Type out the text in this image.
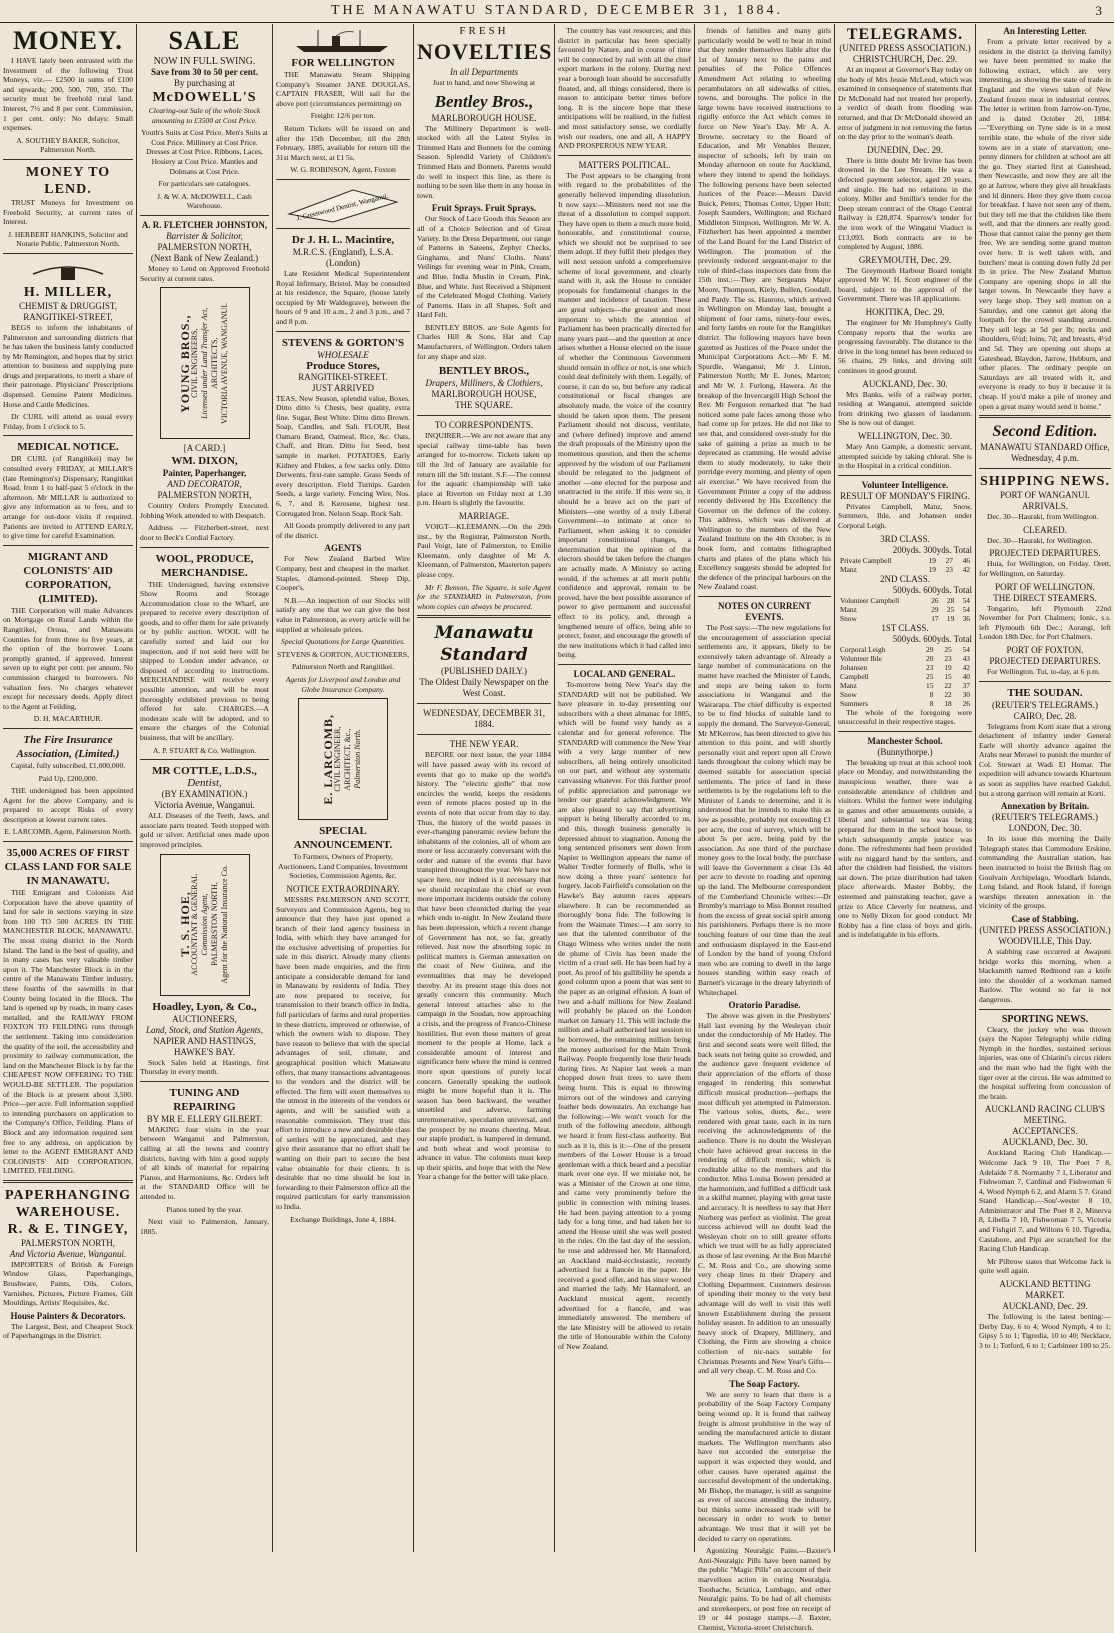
THE MANAWATU STANDARD, DECEMBER 31, 1884.	3
MONEY.

I HAVE lately been entrusted with the Investment of the following Trust Moneys, viz.— £2500 in sums of £100 and upwards; 200, 500, 700, 350. The security must be freehold rural land, Interest, 7½ and 8 per cent. Commission, 1 per cent. only: No delays: Small expenses.

A. SOUTHEY BAKER, Solicitor, Palmerston North.

MONEY TO LEND.

TRUST Moneys for Investment on Freehold Security, at current rates of Interest.

J. HERBERT HANKINS, Solicitor and Notarie Public, Palmerston North.

H. MILLER,
CHEMIST & DRUGGIST,
RANGITIKEI-STREET,

BEGS to inform the inhabitants of Palmerston and surrounding districts that he has taken the business lately conducted by Mr Remington, and hopes that by strict attention to business and supplying pure drugs and preparations, to merit a share of their patronage. Physicians' Prescriptions dispensed. Genuine Patent Medicines. Horse and Cattle Medicines.

Dr CURL will attend as usual every Friday, from 1 o'clock to 5.

MEDICAL NOTICE.

DR CURL (of Rangitikei) may be consulted every FRIDAY, at MILLAR'S (late Remington's) Dispensary, Rangitikei Road, from 1 to half-past 5 o'clock in the afternoon. Mr MILLAR is authorized to give any information as to fees, and to arrange for out-door visits if required. Patients are invited to ATTEND EARLY, to give time for careful Examination.

MIGRANT AND COLONISTS' AID CORPORATION, (LIMITED).

THE Corporation will make Advances on Mortgage on Rural Lands within the Rangitikei, Oroua, and Manawatu Counties for from three to five years, at the option of the borrower. Loans promptly granted, if approved. Interest seven up to eight per cent. per annum. No commission charged to borrowers. No valuation fees. No charges whatever except for necessary deeds. Apply direct to the Agent at Feilding,

D. H. MACARTHUR.

The Fire Insurance Association, (Limited.)

Capital, fully subscribed, £1,000,000.

Paid Up, £200,000.

THE undersigned has been appointed Agent for the above Company, and is prepared to accept Risks of every description at lowest current rates.

E. LARCOMB, Agent, Palmerston North.

35,000 ACRES OF FIRST CLASS LAND FOR SALE IN MANAWATU.

THE Emigrant and Colonists Aid Corporation have the above quantity of land for sale in sections varying in size from 100 TO 500 ACRES IN THE MANCHESTER BLOCK, MANAWATU. The most rising district in the North Island. The land is the best of quality, and in many cases has very valuable timber upon it. The Manchester Block is in the centre of the Manawatu Timber industry, three fourths of the sawmills in that County being located in the Block. The land is opened up by roads, in many cases metalled, and the RAILWAY FROM FOXTON TO FEILDING runs through the settlement. Taking into consideration the quality of the soil, the accessibility and proximity to railway communication, the land on the Manchester Block is by far the CHEAPEST NOW OFFERING TO THE WOULD-BE SETTLER. The population of the Block is at present about 3,500. Price—per acre. Full information supplied to intending purchasers on application to the Company's Office, Feilding. Plans of Block and any information required sent free to any address, on application by letter to the AGENT EMIGRANT AND COLONISTS' AID CORPORATION, LIMITED, FEILDING.

PAPERHANGING WAREHOUSE.
R. & E. TINGEY,
PALMERSTON NORTH,
And Victoria Avenue, Wanganui.

IMPORTERS of British & Foreign Window Glass, Paperhangings, Brushware, Paints, Oils, Colors, Varnishes, Pictures, Picture Frames, Gilt Mouldings, Artists' Requisites, &c.

House Painters & Decorators.

The Largest, Best, and Cheapest Stock of Paperhangings in the District.

SALE
NOW IN FULL SWING.
Save from 30 to 50 per cent.
By purchasing at
McDOWELL'S

Clearing-out Sale of the whole Stock amounting to £3500 at Cost Price.

Youth's Suits at Cost Price. Men's Suits at Cost Price. Millinery at Cost Price. Dresses at Cost Price. Ribbons, Laces, Hosiery at Cost Price. Mantles and Dolmans at Cost Price.

For particulars see catalogues.

J. & W. A. McDOWELL, Cash Warehouse.

A. R. FLETCHER JOHNSTON,
Barrister & Solicitor,
PALMERSTON NORTH,
(Next Bank of New Zealand.)

Money to Lend on Approved Freehold Security at current rates.

YOUNG BROS.,
CIVIL ENGINEERS,
Licensed under Land Transfer Act,
ARCHITECTS,
VICTORIA AVENUE, WANGANUI.
[A CARD.]
WM. DIXON,
Painter, Paperhanger,
AND DECORATOR,
PALMERSTON NORTH,

Country Orders Promptly Executed. Jobbing Work attended to with Despatch.

Address — Fitzherbert-street, next door to Beck's Cordial Factory.

WOOL, PRODUCE, MERCHANDISE.

THE Undersigned, having extensive Show Rooms and Storage Accommodation close to the Wharf, are prepared to receive every description of goods, and to offer them for sale privately or by public auction. WOOL will be carefully sorted and laid out for inspection, and if not sold here will be shipped to London under advance, or disposed of according to instructions. MERCHANDISE will receive every possible attention, and will be most thoroughly exhibited previous to being offered for sale. CHARGES.—A moderate scale will be adopted, and to ensure the charges of the Colonial business, that will be ancillary.

A. P. STUART & Co. Wellington.

MR COTTLE, L.D.S.,
Dentist,
(BY EXAMINATION.)
Victoria Avenue, Wanganui.

ALL Diseases of the Teeth, Jaws, and associate parts treated. Teeth stopped with gold or silver. Artificial ones made upon improved principles.

T. S. HOE,
ACCOUNTANT & GENERAL
Commission Agent,
PALMERSTON NORTH,
Agent for the National Insurance Co.
Hoadley, Lyon, & Co.,
AUCTIONEERS,
Land, Stock, and Station Agents,
NAPIER AND HASTINGS, HAWKE'S BAY.

Stock Sales held at Hastings, first Thursday in every month.

TUNING AND REPAIRING
BY MR E. ELLERY GILBERT.

MAKING four visits in the year between Wanganui and Palmerston, calling at all the towns and country districts, having with him a good supply of all kinds of material for repairing Pianos, and Harmoniums, &c. Orders left at the STANDARD Office will be attended to.

Pianos tuned by the year.

Next visit to Palmerston, January, 1885.

FOR WELLINGTON

THE Manawatu Steam Shipping Company's Steamer JANE DOUGLAS, CAPTAIN FRASER, Will sail for the above port (circumstances permitting) on

Freight: 12/6 per ton.

Return Tickets will be issued on and after the 15th December, till the 28th February, 1885, available for return till the 31st March next, at £1 5s.

W. G. ROBINSON, Agent, Foxton

J. Greenwood Dentist, Wanganui.
Dr J. H. L. Macintire,
M.R.C.S. (England), L.S.A. (London)

Late Resident Medical Superintendent Royal Infirmary, Bristol. May be consulted at his residence, the Square, (house lately occupied by Mr Waldegrave), between the hours of 9 and 10 a.m., 2 and 3 p.m., and 7 and 8 p.m.

STEVENS & GORTON'S
WHOLESALE
Produce Stores,
RANGITIKEI-STREET.
JUST ARRIVED

TEAS, New Season, splendid value, Boxes. Ditto ditto ¼ Chests, best quality, extra fine. Sugar, Best White. Ditto ditto Brown. Soap, Candles, and Salt. FLOUR, Best Oamaru Brand, Oatmeal, Rice, &c. Oats, Chaff, and Bran. Ditto for Seed, best sample in market. POTATOES, Early Kidney and Flukes, a few sacks only. Ditto Derwents, first-rate sample. Grass Seeds of every description. Field Turnips. Garden Seeds, a large variety. Fencing Wire, Nos. 6, 7, and 8. Kerosene, highest test. Corrugated Iron. Nelson Soap. Rock Salt.

All Goods promptly delivered to any part of the district.

AGENTS

For New Zealand Barbed Wire Company, best and cheapest in the market. Staples, diamond-pointed. Sheep Dip, Cooper's.

N.B.—An inspection of our Stocks will satisfy any one that we can give the best value in Palmerston, as every article will be supplied at wholesale prices.

Special Quotations for Large Quantities.

STEVENS & GORTON, AUCTIONEERS,

Palmerston North and Rangitikei.

Agents for Liverpool and London and Globe Insurance Company.

E. LARCOMB,
CIVIL ENGINEER,
ARCHITECT, &c.,
Palmerston North.
SPECIAL ANNOUNCEMENT.

To Farmers, Owners of Property, Auctioneers, Land Companies, Investment Societies, Commission Agents, &c.

NOTICE EXTRAORDINARY.

MESSRS PALMERSON AND SCOTT, Surveyors and Commission Agents, beg to announce that they have just opened a branch of their land agency business in India, with which they have arranged for the exclusive advertising of properties for sale in this district. Already many clients have been made enquiries, and the firm anticipate a considerable demand for land in Manawatu by residents of India. They are now prepared to receive, for transmission to their branch office in India, full particulars of farms and rural properties in these districts, improved or otherwise, of which the owners wish to dispose. They have reason to believe that with the special advantages of soil, climate, and geographical position which Manawatu offers, that many transactions advantageous to the vendors and the district will be effected. The firm will exert themselves to the utmost in the interests of the vendors or agents, and will be satisfied with a reasonable commission. They trust this effort to introduce a new and desirable class of settlers will be appreciated, and they give their assurance that no effort shall be wanting on their part to secure the best value obtainable for their clients. It is desirable that no time should be lost in forwarding to their Palmerston office all the required particulars for early transmission to India.

Exchange Buildings, June 4, 1884.

FRESH
NOVELTIES
In all Departments

Just to hand, and now Showing at

Bentley Bros.,
MARLBOROUGH HOUSE.

The Millinery Department is well-stocked with all the Latest Styles in Trimmed Hats and Bonnets for the coming Season. Splendid Variety of Children's Trimmed Hats and Bonnets. Parents would do well to inspect this line, as there is nothing to be seen like them in any house in town.

Fruit Sprays. Fruit Sprays.

Our Stock of Lace Goods this Season are all of a Choice Selection and of Great Variety. In the Dress Department, our range of Patterns in Sateens, Zephyr Checks, Ginghams, and Nuns' Cloths. Nuns' Veilings for evening wear in Pink, Cream, and Blue. India Muslin in Cream, Pink, Blue, and White. Just Received a Shipment of the Celebrated Mogul Clothing. Variety of Patterns. Hats in all Shapes, Soft and Hard Felt.

BENTLEY BROS. are Sole Agents for Charles Hill & Sons, Hat and Cap Manufacturers, of Wellington. Orders taken for any shape and size.

BENTLEY BROS.,
Drapers, Milliners, & Clothiers,
MARLBOROUGH HOUSE,
THE SQUARE.
TO CORRESPONDENTS.

INQUIRER.—We are not aware that any special railway time-table has been arranged for to-morrow. Tickets taken up till the 3rd of January are available for return till the 5th instant. S.F.—The contest for the aquatic championship will take place at Riverton on Friday next at 1.30 p.m. Hearn is slightly the favourite.

MARRIAGE.

VOIGT—KLEEMANN.—On the 29th inst., by the Registrar, Palmerston North, Paul Voigt, late of Palmerston, to Emilie Kleemann, only daughter of Mr A. Kleemann, of Palmerston, Masterton papers please copy.

Mr F. Benson, The Square, is sole Agent for the STANDARD in Palmerston, from whom copies can always be procured.

Manawatu Standard
(PUBLISHED DAILY.)
The Oldest Daily Newspaper on the West Coast.
WEDNESDAY, DECEMBER 31, 1884.
THE NEW YEAR.

BEFORE our next issue, the year 1884 will have passed away with its record of events that go to make up the world's history. The "electric girdle" that now encircles the world, keeps the residents even of remote places posted up in the events of note that occur from day to day. Thus, the history of the world passes in ever-changing panoramic review before the inhabitants of the colonies, all of whom are more or less accurately conversant with the order and nature of the events that have transpired throughout the year. We have not space here, nor indeed is it necessary that we should recapitulate the chief or even more important incidents outside the colony that have been chronicled during the year which ends to-night. In New Zealand there has been depression, which a recent change of Government has not, so far, greatly relieved. Just now the absorbing topic in political matters is German annexation on the coast of New Guinea, and the eventualities that may be developed thereby. At its present stage this does not greatly concern this community. Much general interest attaches also to the campaign in the Soudan, now approaching a crisis, and the progress of Franco-Chinese hostilities. But even these matters of great moment to the people at Home, lack a considerable amount of interest and significance here where the mind is centred more upon questions of purely local concern. Generally speaking the outlook might be more hopeful than it is. The season has been backward, the weather unsettled and adverse, farming unremunerative, speculation universal, and the prospect by no means cheering. Meat, our staple product, is hampered in demand, and both wheat and wool promise to advance in value. The colonists must keep up their spirits, and hope that with the New Year a change for the better will take place.

The country has vast resources; and this district in particular has been specially favoured by Nature, and in course of time will be connected by rail with all the chief export markets in the colony. During next year a borough loan should be successfully floated, and, all things considered, there is reason to anticipate better times before long. It is the sincere hope that these anticipations will be realised, in the fullest and most satisfactory sense, we cordially wish our readers, one and all, A HAPPY AND PROSPEROUS NEW YEAR.

MATTERS POLITICAL.

The Post appears to be changing front with regard to the probabilities of the generally believed impending dissolution. It now says:—Ministers need not use the threat of a dissolution to compel support. They have open to them a much more bold, honourable, and constitutional course, which we should not be surprised to see them adopt. If they fulfil their pledges they will next session unfold a comprehensive scheme of local government, and clearly stand with it, ask the House to consider proposals for fundamental changes in the manner and incidence of taxation. These are great subjects—the greatest and most important to which the attention of Parliament has been practically directed for many years past—and the question at once arises whether a House elected on the issue of whether the Continuous Government should remain in office or not, is one which could deal definitely with them. Legally, of course, it can do so, but before any radical constitutional or fiscal changes are absolutely made, the voice of the country should be taken upon them. The present Parliament should not discuss, ventilate, and (where defined) improve and amend the draft proposals of the Ministry upon the momentous question, and then the scheme approved by the wisdom of our Parliament should be relegated to the judgment of another —one elected for the purpose and unattracted in the strife. If this were so, it should be a brave act on the part of Ministers—one worthy of a truly Liberal Government—to intimate at once to Parliament, when asking it to consider important constitutional changes, a determination that the opinion of the electors should be taken before the changes are actually made. A Ministry so acting would, if the schemes at all merit public confidence and approval, remain to be proved, have the best possible assurance of power to give permanent and successful effect to its policy, and, through a lengthened tenure of office, being able to protect, foster, and encourage the growth of the new institutions which it had called into being.

LOCAL AND GENERAL.

To-morrow being New Year's day the STANDARD will not be published. We have pleasure in to-day presenting our subscribers with a sheet almanac for 1885, which will be found very handy as a calendar and for general reference. The STANDARD will commence the New Year with a very large number of new subscribers, all being entirely unsolicited on our part, and without any systematic canvassing whatever. For this further proof of public appreciation and patronage we tender our grateful acknowledgment. We are also pleased to say that advertising support is being liberally accorded to us, and this, though business generally is depressed almost to stagnation. Among the long sentenced prisoners sent down from Napier to Wellington appears the name of Walter Tredler formerly of Bulls, who is now doing a three years' sentence for forgery. Jacob Fairfield's consolation on the Hawke's Bay autumn races appears elsewhere. It can be recommended as thoroughly bona fide. The following is from the Waimate Times:—I am sorry to see that the talented contributor of the Otago Witness who writes under the nom de plume of Civis has been made the victim of a cruel sell. He has been had by a poet. As proof of his gullibility he spends a good column upon a poem that was sent to the paper as an original effusion. A loan of two and a-half millions for New Zealand will probably be placed on the London market on January 11. This will include the million and a-half authorised last session to be borrowed, the remaining million being the money authorised for the Main Trunk Railway. People frequently lose their heads during fires. At Napier last week a man chopped down fruit trees to save them being burnt. This is equal to throwing mirrors out of the windows and carrying feather beds downstairs. An exchange has the following:—We won't vouch for the truth of the following anecdote, although we heard it from first-class authority. But such as it is, this is it:—One of the present members of the Lower House is a broad gentleman with a thick beard and a peculiar mark over one eye. If we mistake not, he was a Minister of the Crown at one time, and came very prominently before the public in connection with mining leases. He had been paying attention to a young lady for a long time, and had taken her to attend the House until she was well posted in the rules. On the last day of the session, he rose and addressed her. Mr Hannaford, an Auckland maid-ecclesiastic, recently advertised for a fiancée in the paper. He received a good offer, and has since wooed and married the lady. Mr Hannaford, an Auckland musical agent, recently advertised for a fiancée, and was immediately answered. The members of the late Ministry will be allowed to retain the title of Honourable within the Colony of New Zealand.

friends of families and many girls particularly would be well to bear in mind that they render themselves liable after the 1st of January next to the pains and penalties of the Police Offences Amendment Act relating to wheeling perambulators on all sidewalks of cities, towns, and boroughs. The police in the large towns have received instructions to rigidly enforce the Act which comes in force on New Year's Day. Mr A. A. Browne, secretary to the Board of Education, and Mr Venables Beuzer, inspector of schools, left by train on Monday afternoon en route for Auckland, where they intend to spend the holidays. The following persons have been selected Justices of the Peace:—Messrs David Buick, Peters; Thomas Cotter, Upper Hutt; Joseph Saunders, Wellington; and Richard Middleton Simpson, Wellington. Mr W. A. Fitzherbert has been appointed a member of the Land Board for the Land District of Wellington. The promotion of the previously reduced sergeant-major to the rule of third-class inspectors date from the 15th inst.:—They are Sergeants Major Moore, Thompson, Kiely, Bullen, Goodall, and Pardy. The ss. Hauroto, which arrived in Wellington on Monday last, brought a shipment of four rams, ninety-four ewes, and forty lambs en route for the Rangitikei district. The following mayors have been gazetted as Justices of the Peace under the Municipal Corporations Act:—Mr F. M. Spurdle, Wanganui; Mr J. Linton, Palmerston North; Mr E. Jones, Marton; and Mr W. J. Furlong, Hawera. At the breakup of the Invercargill High School the Rev. Mr Ferguson remarked that "he had noticed some pale faces among those who had come up for prizes. He did not like to see that, and considered over-study for the sake of gaining a prize as much to be deprecated as cramming. He would advise them to study moderately, to take their porridge every morning, and plenty of open air exercise." We have received from the Government Printer a copy of the address recently delivered by His Excellency the Governor on the defence of the colony. This address, which was delivered at Wellington to the members of the New Zealand Institute on the 4th October, is in book form, and contains lithographed charts and plates of the plans which his Excellency suggests should be adopted for the defence of the principal harbours on the New Zealand coast.

NOTES ON CURRENT EVENTS.

The Post says:—The new regulations for the encouragement of association special settlements are, it appears, likely to be extensively taken advantage of. Already a large number of communications on the matter have reached the Minister of Lands, and steps are being taken to form associations in Wanganui and the Wairarapa. The chief difficulty is expected to be to find blocks of suitable land to supply the demand. The Surveyor-General, Mr M'Kerrow, has been directed to give his attention to this point, and will shortly personally visit and report upon all Crown lands throughout the colony which may be deemed suitable for association special settlements. The price of land in these settlements is by the regulations left to the Minister of Lands to determine, and it is understood that he intends to make this as low as possible, probably not exceeding £1 per acre, the cost of survey, which will be about 5s per acre, being paid by the association. As one third of the purchase money goes to the local body, the purchase will leave the Government a clear 13s 4d per acre to devote to roading and opening up the land. The Melbourne correspondent of the Cumberland Chronicle writes:—Dr Bromby's marriage to Miss Bonnet resulted from the excess of great social spirit among his parishioners. Perhaps there is no more touching feature of our time than the zeal and enthusiasm displayed in the East-end of London by the band of young Oxford men who are coming to dwell in the large houses standing within easy reach of Barnett's vicarage in the dreary labyrinth of Whitechapel.

Oratorio Paradise.

The above was given in the Presbyters' Hall last evening by the Wesleyan choir under the conductorship of Mr Hatley. The first and second seats were well filled, the back seats not being quite so crowded, and the audience gave frequent evidence of their appreciation of the efforts of those engaged in rendering this somewhat difficult musical production—perhaps the most difficult yet attempted in Palmerston. The various solos, duets, &c., were rendered with great taste, each in its turn receiving the acknowledgments of the audience. There is no doubt the Wesleyan choir have achieved great success in the rendering of difficult music, which is creditable alike to the members and the conductor. Miss Louisa Bowen presided at the harmonium, and fulfilled a difficult task in a skilful manner, playing with great taste and accuracy. It is needless to say that Herr Norberg was perfect as violinist. The great success achieved will no doubt lead the Wesleyan choir on to still greater efforts which we trust will be as fully appreciated as those of last evening. At the Bon Marché C. M. Ross and Co., are showing some very cheap lines in their Drapery and Clothing Department. Customers desirous of spending their money to the very best advantage will do well to visit this well known Establishment during the present holiday season. In addition to an unusually heavy stock of Drapery, Millinery, and Clothing, the Firm are showing a choice collection of nic-nacs suitable for Christmas Presents and New Year's Gifts—and all very cheap. C. M. Ross and Co.

The Soap Factory.

We are sorry to learn that there is a probability of the Soap Factory Company being wound up. It is found that railway freight is almost prohibitive in the way of sending the manufactured article to distant markets. The Wellington merchants also have not accorded the enterprise the support it was expected they would, and other causes have operated against the successful development of the undertaking. Mr Bishop, the manager, is still as sanguine as ever of success attending the industry, but thinks some increased trade will be necessary in order to work to better advantage. We trust that it will yet be decided to carry on operations.

Agonizing Neuralgic Pains.—Baxter's Anti-Neuralgic Pills have been named by the public "Magic Pills" on account of their marvellous action in curing Neuralgia, Toothache, Sciatica, Lumbago, and other Neuralgic pains. To be had of all chemists and storekeepers, or post free on receipt of 19 or 44 postage stamps.—J. Baxter, Chemist, Victoria-street Christchurch.

TELEGRAMS.
(UNITED PRESS ASSOCIATION.)
CHRISTCHURCH, Dec. 29.

At an inquest at Governor's Bay today on the body of Mrs Jessie McLeod, which was examined in consequence of statements that Dr McDonald had not treated her properly, a verdict of death from flooding was returned, and that Dr McDonald showed an error of judgment in not removing the fœtus on the day prior to the woman's death.

DUNEDIN, Dec. 29.

There is little doubt Mr Irvine has been drowned in the Lee Stream. He was a defected payment selector, aged 20 years, and single. He had no relations in the colony. Miller and Smillie's tender for the Deep stream contract of the Otago Central Railway is £28,874. Sparrow's tender for the iron work of the Wingatui Viaduct is £13,093. Both contracts are to be completed by August, 1886.

GREYMOUTH, Dec. 29.

The Greymouth Harbour Board tonight approved Mr W. H. Scott engineer of the board, subject to the approval of the Government. There was 18 applications.

HOKITIKA, Dec. 29.

The engineer for Mr Humphrey's Gully Company reports that the works are progressing favourably. The distance to the drive in the long tunnel has been reduced to 56 chains, 29 links, and driving still continues in good ground.

AUCKLAND, Dec. 30.

Mrs Banks, wife of a railway porter, residing at Wanganui, attempted suicide from drinking two glasses of laudanum. She is now out of danger.

WELLINGTON, Dec. 30.

Mary Ann Gample, a domestic servant, attempted suicide by taking chloral. She is in the Hospital in a critical condition.

Volunteer Intelligence.
RESULT OF MONDAY'S FIRING.

Privates Campbell, Manz, Snow, Summers, Ihle, and Johansen under Corporal Leigh.

3RD CLASS.
200yds. 300yds. Total
Private Campbell	19	27	46
Manz	19	23	42
2ND CLASS.
500yds. 600yds. Total
Volunteer Campbell	26	28	54
Manz	29	25	54
Snow	17	19	36
1ST CLASS.
500yds. 600yds. Total
Corporal Leigh	29	25	54
Volunteer Ihle	20	23	43
Johansen	23	19	42
Campbell	25	15	40
Manz	15	22	37
Snow	8	22	30
Summers	8	18	26

The whole of the foregoing were unsuccessful in their respective stages.

Manchester School.
(Bunnythorpe.)

The breaking up treat at this school took place on Monday, and notwithstanding the inauspicious weather, there was a considerable attendance of children and visitors. Whilst the former were indulging in games and other amusements outside, a liberal and substantial tea was being prepared for them in the school house, to which subsequently ample justice was done. The refreshments had been provided with no niggard hand by the settlers, and after the children had finished, the visitors sat down. The prize distribution had taken place afterwards. Master Bobby, the esteemed and painstaking teacher, gave a prize to Alice Cleverly for neatness, and one to Nelly Dixon for good conduct. Mr Robby has a fine class of boys and girls, and is indefatigable in his efforts.

An Interesting Letter.

From a private letter received by a resident in the district (a thriving family) we have been permitted to make the following extract, which are very interesting, as showing the state of trade in England and the views taken of New Zealand frozen meat in industrial centres. The letter is written from Jarrow-on-Tyne, and is dated October 20, 1884:—"Everything on Tyne side is in a most terrible state, the whole of the river side towns are in a state of starvation; one-penny dinners for children at school are all the go. They started first at Gateshead, then Newcastle, and now they are all the go at Jarrow, where they give all breakfasts and ld dinners. Here they give them cocoa for breakfast. I have not seen any of them, but they tell me that the children like them well, and that the dinners are really good. Those that cannot raise the penny get them free. We are sending some grand mutton over here. It is well taken with, and butchers' meat is coming down fully 2d per lb in price. The New Zealand Mutton Company are opening shops in all the larger towns. In Newcastle they have a very large shop. They sell mutton on a Saturday, and one cannot get along the footpath for the crowd standing around. They sell legs at 5d per lb; necks and shoulders, 6½d; loins, 7d; and breasts, 4½d and 5d. They are opening out shops at Gateshead, Blaydon, Jarrow, Hebburn, and other places. The ordinary people on Saturdays are all treated with it, and everyone is ready to buy it because it is cheap. If you'd make a pile of money and open a great many would send it home."

Second Edition.
MANAWATU STANDARD Office,
Wednesday, 4 p.m.
SHIPPING NEWS.
PORT OF WANGANUI.
ARRIVALS.

Dec. 30—Hauraki, from Wellington.

CLEARED.

Dec. 30—Hauraki, for Wellington.

PROJECTED DEPARTURES.

Huia, for Wellington, on Friday. Orett, for Wellington, on Saturday.

PORT OF WELLINGTON.
THE DIRECT STEAMERS.

Tongariro, left Plymouth 22nd November for Port Chalmers; Ionic, s.s. left Plymouth 6th Dec.; Aorangi, left London 18th Dec. for Port Chalmers.

PORT OF FOXTON.
PROJECTED DEPARTURES.

For Wellington. Tui, to-day, at 6 p.m.

THE SOUDAN.
(REUTER'S TELEGRAMS.)
CAIRO, Dec. 28.

Telegrams from Korti state that a strong detachment of infantry under General Earle will shortly advance against the Arabs near Merawi to punish the murder of Col. Stewart at Wadi El Homar. The expedition will advance towards Khartoum as soon as supplies have reached Gakdul, but a strong garrison will remain at Korti.

Annexation by Britain.
(REUTER'S TELEGRAMS.)
LONDON, Dec. 30.

In its issue this morning the Daily Telegraph states that Commodore Erskine, commanding the Australian station, has been instructed to hoist the British flag on Goulvain Archipelago, Woodlark Islands, Long Island, and Rook Island, if foreign warships threaten annexation in the vicinity of the groups.

Case of Stabbing.
(UNITED PRESS ASSOCIATION.)
WOODVILLE, This Day.

A stabbing case occurred at Awapuni bridge works this morning, when a blacksmith named Redmond ran a knife into the shoulder of a workman named Barlow. The wound so far is not dangerous.

SPORTING NEWS.

Cleary, the jockey who was thrown (says the Napier Telegraph) while riding Nymph in the hurdles, sustained serious injuries, was one of Chiarini's circus riders and the man who had the fight with the tiger over at the circus. He was admitted to the hospital suffering from concussion of the brain.

AUCKLAND RACING CLUB'S MEETING.
ACCEPTANCES.
AUCKLAND, Dec. 30.

Auckland Racing Club Handicap.—Welcome Jack 9 10, The Poet 7 8, Adelaide 7 8. Normanby 7 1, Liberator and Fishwoman 7, Cardinal and Fishwoman 6 4, Wood Nymph 6 2, and Alarm 5 7. Grand Stand Handicap.—Sou'-wester 8 10, Administrator and The Poet 8 2, Minerva 8, Libella 7 10, Fishwoman 7 5, Victoria and Fishgirl 7, and Wiltons 6 10. Tigredia, Castabore, and Pipi are scratched for the Racing Club Handicap.

Mr Pilbrow states that Welcome Jack is quite well again.

AUCKLAND BETTING MARKET.
AUCKLAND, Dec. 29.

The following is the latest betting:—Derby Day, 6 to 4; Wood Nymph, 4 to 1; Gipsy 5 to 1; Tigredia, 10 to 40; Necklace, 3 to 1; Totford, 6 to 1; Carbineer 100 to 25.
